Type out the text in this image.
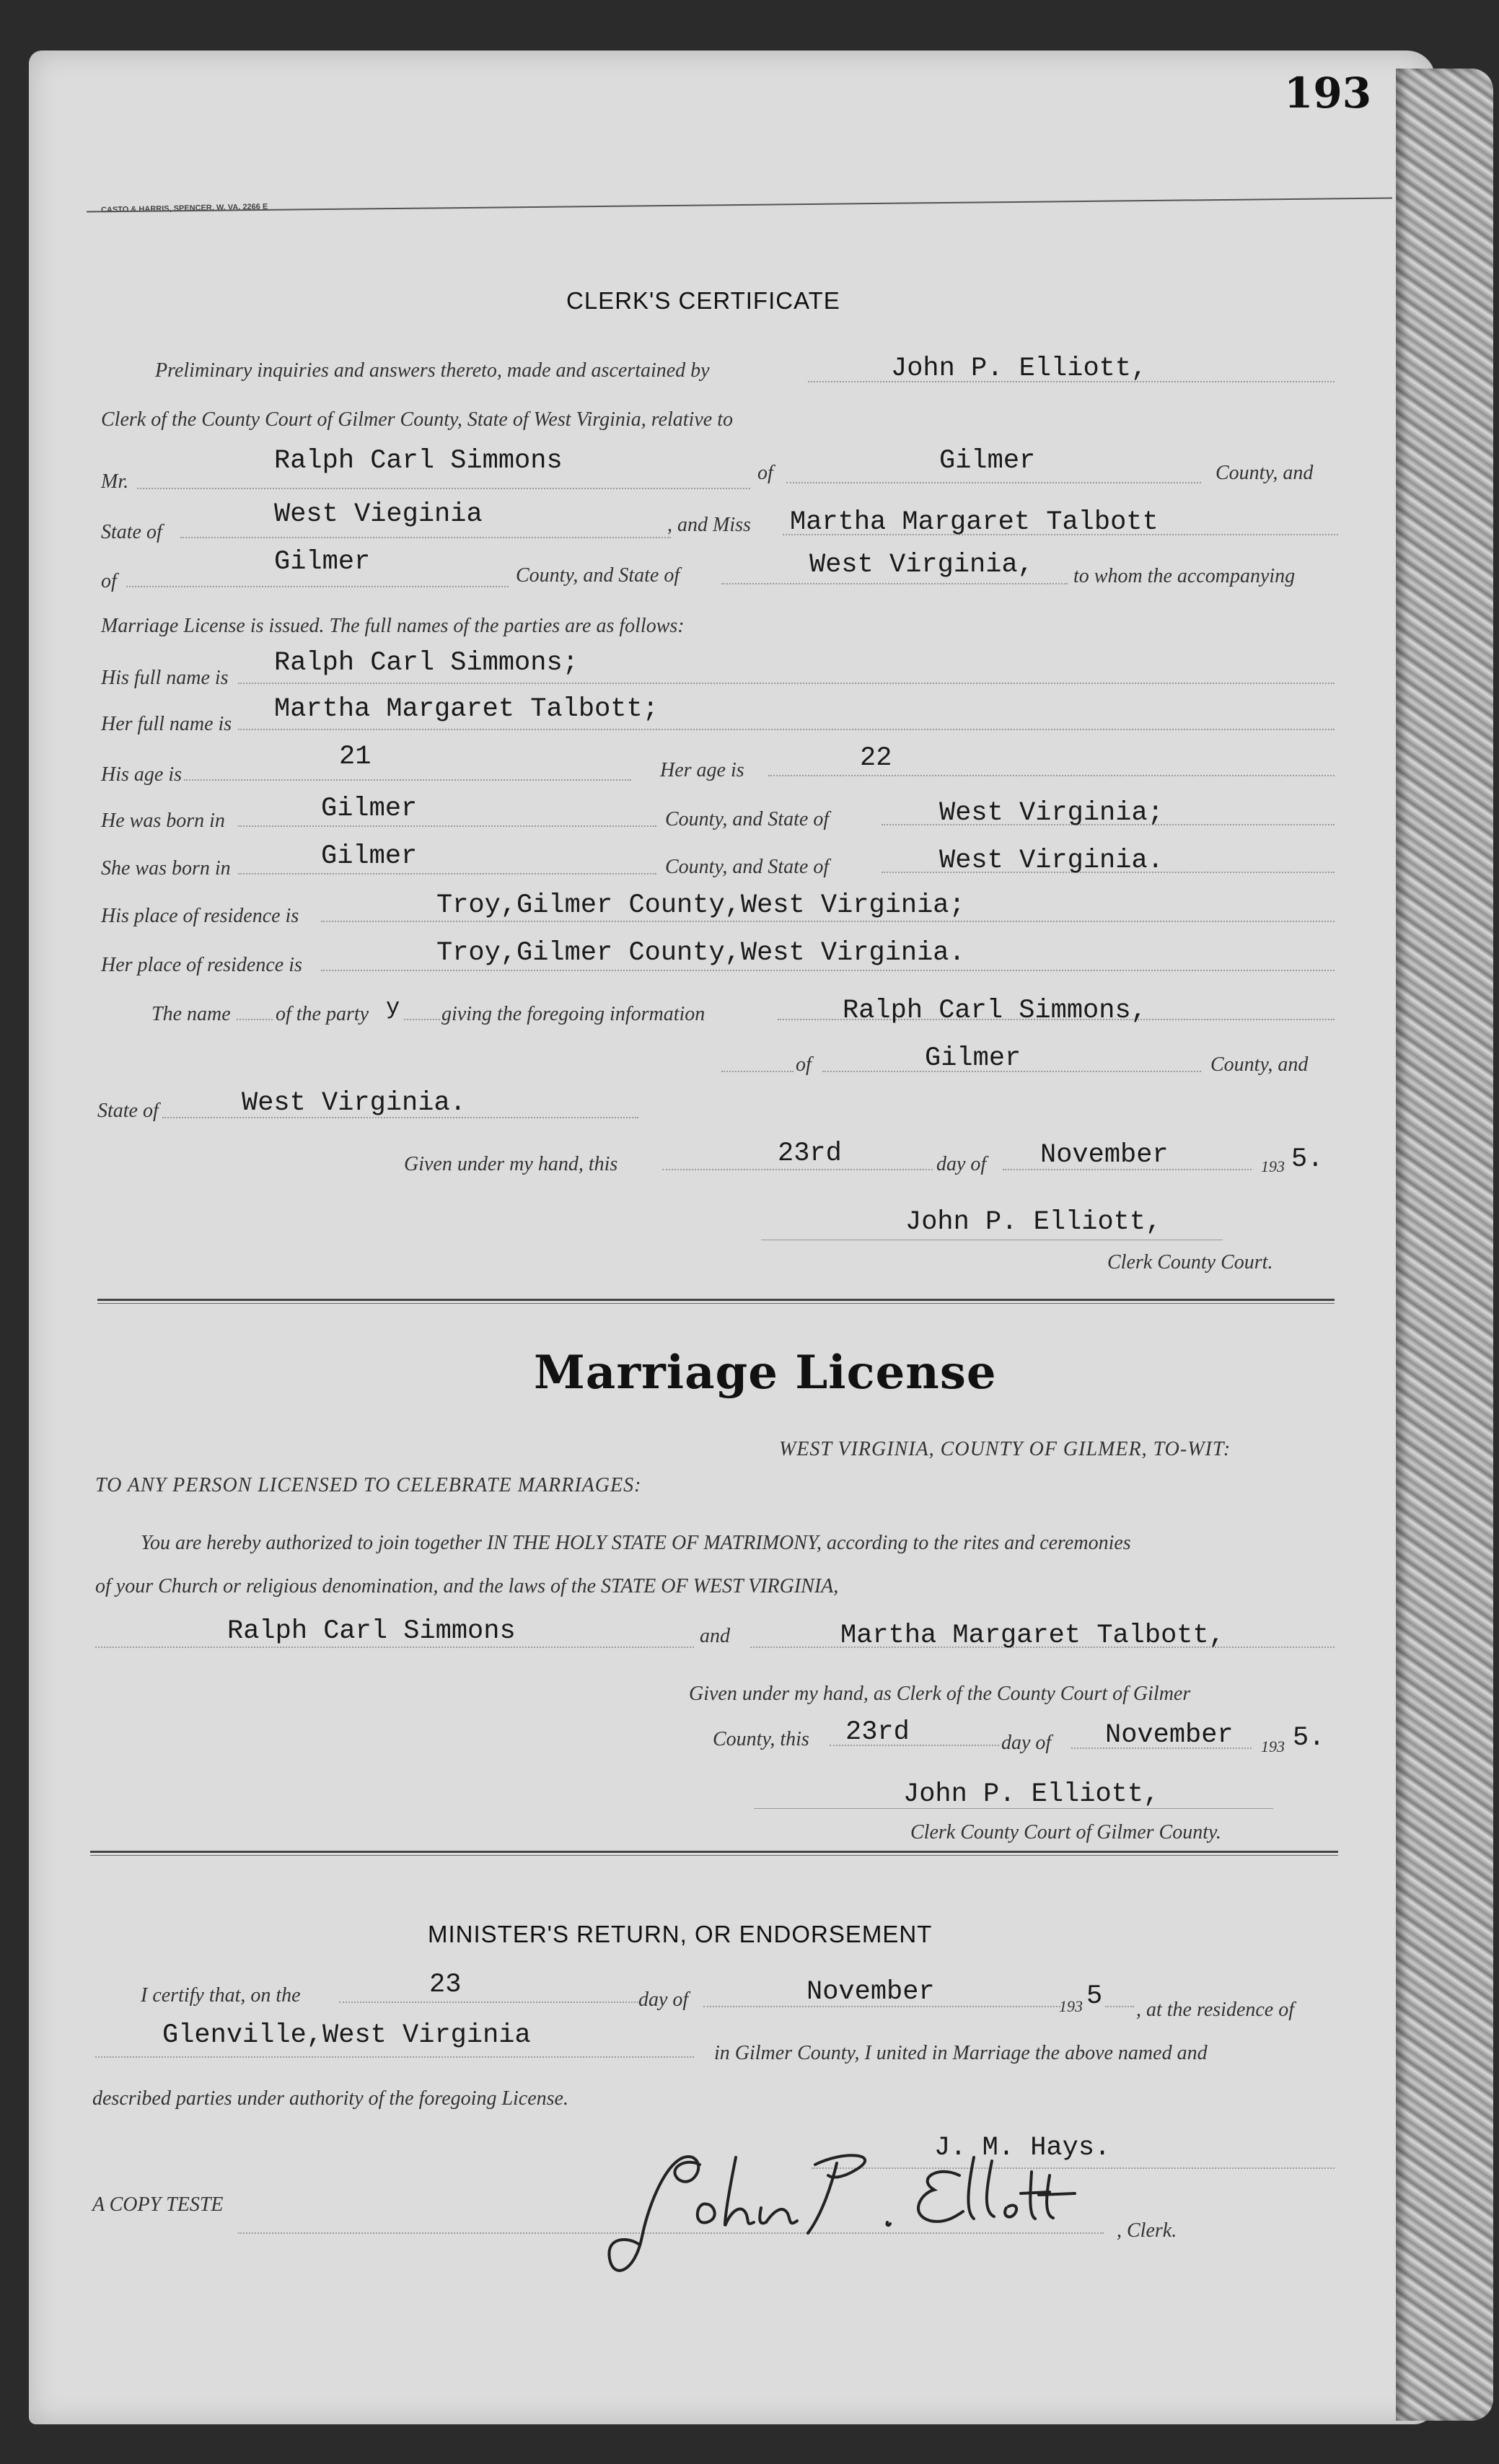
193
CASTO & HARRIS, SPENCER, W. VA. 2266 E
CLERK'S CERTIFICATE
Preliminary inquiries and answers thereto, made and ascertained by	John P. Elliott,
Clerk of the County Court of Gilmer County, State of West Virginia, relative to
Mr.
Ralph Carl Simmons	of	Gilmer	County, and
State of
West Vieginia	, and Miss Martha Margaret Talbott
of
Gilmer	County, and State of	West Virginia, to whom the accompanying
Marriage License is issued. The full names of the parties are as follows:
His full name is Ralph Carl Simmons;
Her full name is Martha Margaret Talbott;
His age is
21	Her age is	22
He was born in	Gilmer	County, and State of	West Virginia;
She was born in	Gilmer	County, and State of	West Virginia.
His place of residence is	Troy,Gilmer County,West Virginia;
Her place of residence is	Troy,Gilmer County,West Virginia.
The name of the party y giving the foregoing information	Ralph Carl Simmons,
of	Gilmer	County, and
State of	West Virginia.
Given under my hand, this	23rd	day of November	193 5.
John P. Elliott,
Clerk County Court.
Marriage License
WEST VIRGINIA, COUNTY OF GILMER, TO-WIT:
TO ANY PERSON LICENSED TO CELEBRATE MARRIAGES:
You are hereby authorized to join together IN THE HOLY STATE OF MATRIMONY, according to the rites and ceremonies
of your Church or religious denomination, and the laws of the STATE OF WEST VIRGINIA,
Ralph Carl Simmons	and	Martha Margaret Talbott,
Given under my hand, as Clerk of the County Court of Gilmer
County, this 23rd	day of November 193 5.
John P. Elliott,
Clerk County Court of Gilmer County.
MINISTER'S RETURN, OR ENDORSEMENT
I certify that, on the	23	day of	November	193 5 , at the residence of
Glenville,West Virginia
in Gilmer County, I united in Marriage the above named and
described parties under authority of the foregoing License.
J. M. Hays.
A COPY TESTE
, Clerk.
